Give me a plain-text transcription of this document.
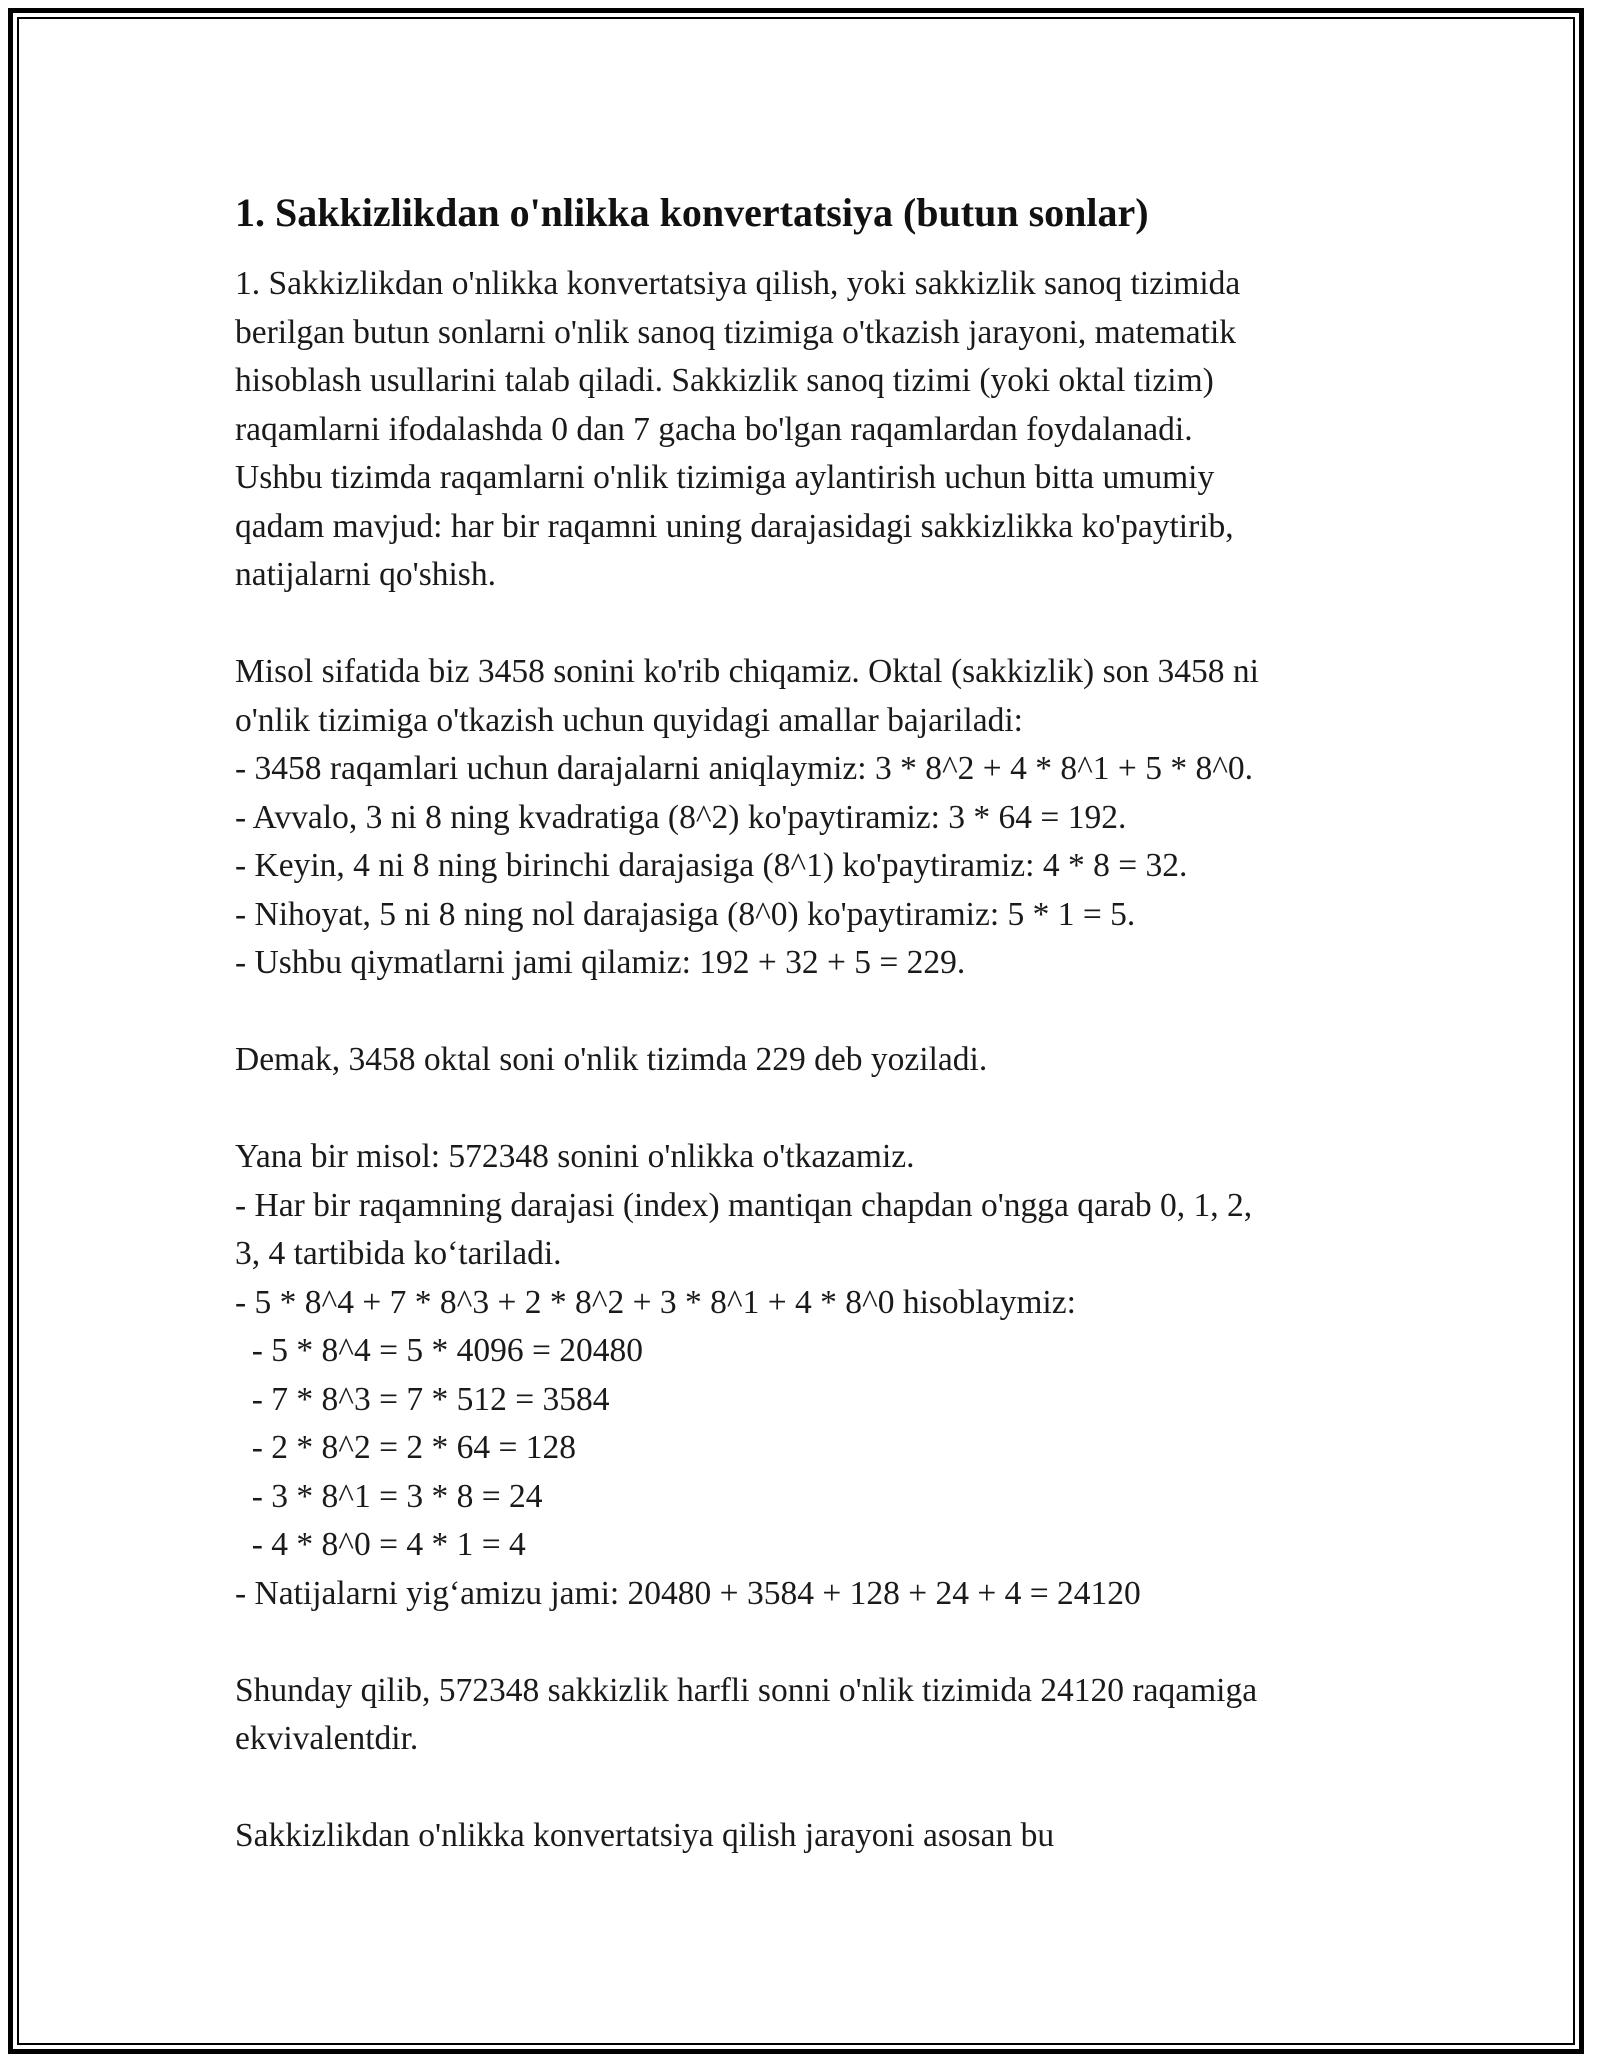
1. Sakkizlikdan o'nlikka konvertatsiya (butun sonlar)
1. Sakkizlikdan o'nlikka konvertatsiya qilish, yoki sakkizlik sanoq tizimida
berilgan butun sonlarni o'nlik sanoq tizimiga o'tkazish jarayoni, matematik
hisoblash usullarini talab qiladi. Sakkizlik sanoq tizimi (yoki oktal tizim)
raqamlarni ifodalashda 0 dan 7 gacha bo'lgan raqamlardan foydalanadi.
Ushbu tizimda raqamlarni o'nlik tizimiga aylantirish uchun bitta umumiy
qadam mavjud: har bir raqamni uning darajasidagi sakkizlikka ko'paytirib,
natijalarni qo'shish.
Misol sifatida biz 3458 sonini ko'rib chiqamiz. Oktal (sakkizlik) son 3458 ni
o'nlik tizimiga o'tkazish uchun quyidagi amallar bajariladi:
- 3458 raqamlari uchun darajalarni aniqlaymiz: 3 * 8^2 + 4 * 8^1 + 5 * 8^0.
- Avvalo, 3 ni 8 ning kvadratiga (8^2) ko'paytiramiz: 3 * 64 = 192.
- Keyin, 4 ni 8 ning birinchi darajasiga (8^1) ko'paytiramiz: 4 * 8 = 32.
- Nihoyat, 5 ni 8 ning nol darajasiga (8^0) ko'paytiramiz: 5 * 1 = 5.
- Ushbu qiymatlarni jami qilamiz: 192 + 32 + 5 = 229.
Demak, 3458 oktal soni o'nlik tizimda 229 deb yoziladi.
Yana bir misol: 572348 sonini o'nlikka o'tkazamiz.
- Har bir raqamning darajasi (index) mantiqan chapdan o'ngga qarab 0, 1, 2,
3, 4 tartibida ko‘tariladi.
- 5 * 8^4 + 7 * 8^3 + 2 * 8^2 + 3 * 8^1 + 4 * 8^0 hisoblaymiz:
- 5 * 8^4 = 5 * 4096 = 20480
- 7 * 8^3 = 7 * 512 = 3584
- 2 * 8^2 = 2 * 64 = 128
- 3 * 8^1 = 3 * 8 = 24
- 4 * 8^0 = 4 * 1 = 4
- Natijalarni yig‘amizu jami: 20480 + 3584 + 128 + 24 + 4 = 24120
Shunday qilib, 572348 sakkizlik harfli sonni o'nlik tizimida 24120 raqamiga
ekvivalentdir.
Sakkizlikdan o'nlikka konvertatsiya qilish jarayoni asosan bu
